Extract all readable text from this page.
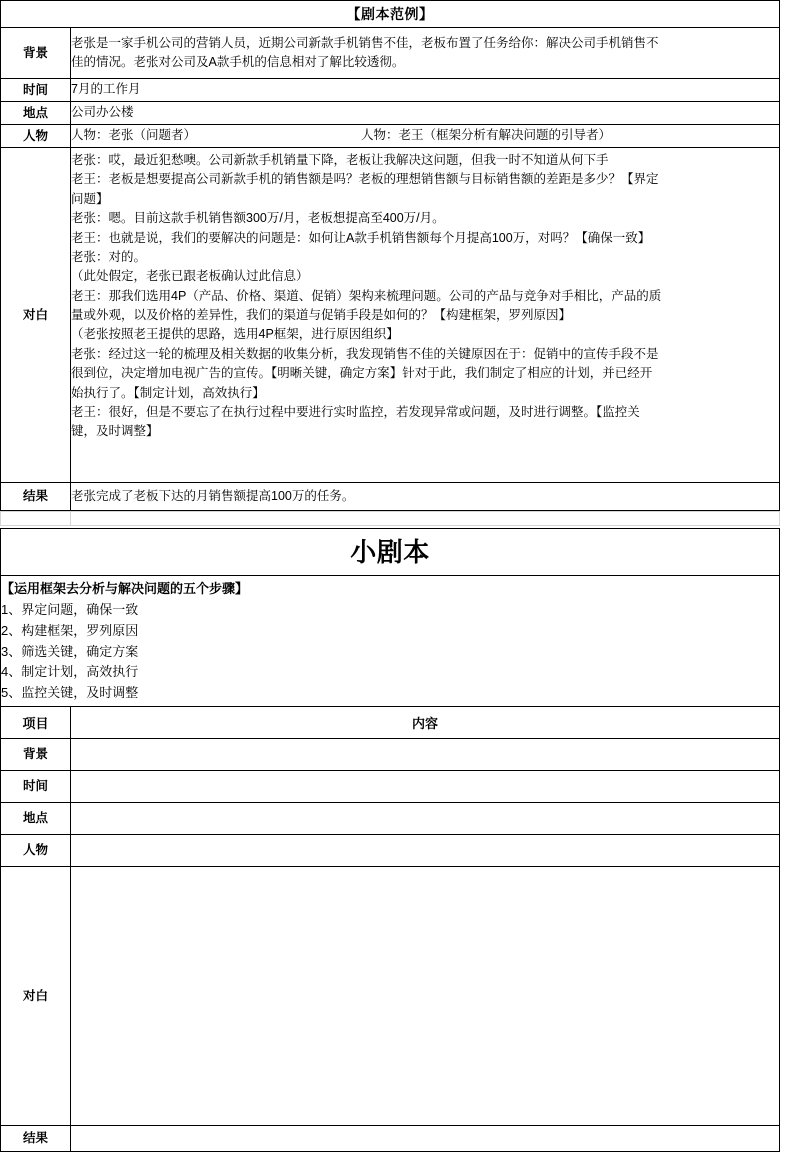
【剧本范例】	
背景	老张是一家手机公司的营销人员，近期公司新款手机销售不佳，老板布置了任务给你：解决公司手机销售不

佳的情况。老张对公司及A款手机的信息相对了解比较透彻。

时间	7月的工作月

地点	公司办公楼

人物	人物：老张（问题者） 人物：老王（框架分析有解决问题的引导者）

对白	

老张：哎，最近犯愁噢。公司新款手机销量下降，老板让我解决这问题，但我一时不知道从何下手

老王：老板是想要提高公司新款手机的销售额是吗？老板的理想销售额与目标销售额的差距是多少？【界定

问题】

老张：嗯。目前这款手机销售额300万/月，老板想提高至400万/月。

老王：也就是说，我们的要解决的问题是：如何让A款手机销售额每个月提高100万，对吗？【确保一致】

老张：对的。

（此处假定，老张已跟老板确认过此信息）

老王：那我们选用4P（产品、价格、渠道、促销）架构来梳理问题。公司的产品与竞争对手相比，产品的质

量或外观，以及价格的差异性，我们的渠道与促销手段是如何的？【构建框架，罗列原因】

（老张按照老王提供的思路，选用4P框架，进行原因组织】

老张：经过这一轮的梳理及相关数据的收集分析，我发现销售不佳的关键原因在于：促销中的宣传手段不是

很到位，决定增加电视广告的宣传。【明晰关键，确定方案】针对于此，我们制定了相应的计划，并已经开

始执行了。【制定计划，高效执行】

老王：很好，但是不要忘了在执行过程中要进行实时监控，若发现异常或问题，及时进行调整。【监控关

键，及时调整】

结果	老张完成了老板下达的月销售额提高100万的任务。

小剧本	

【运用框架去分析与解决问题的五个步骤】

1、界定问题，确保一致
2、构建框架，罗列原因
3、筛选关键，确定方案
4、制定计划，高效执行
5、监控关键，及时调整

项目	内容
背景	
时间	
地点	
人物	
对白	
结果	
